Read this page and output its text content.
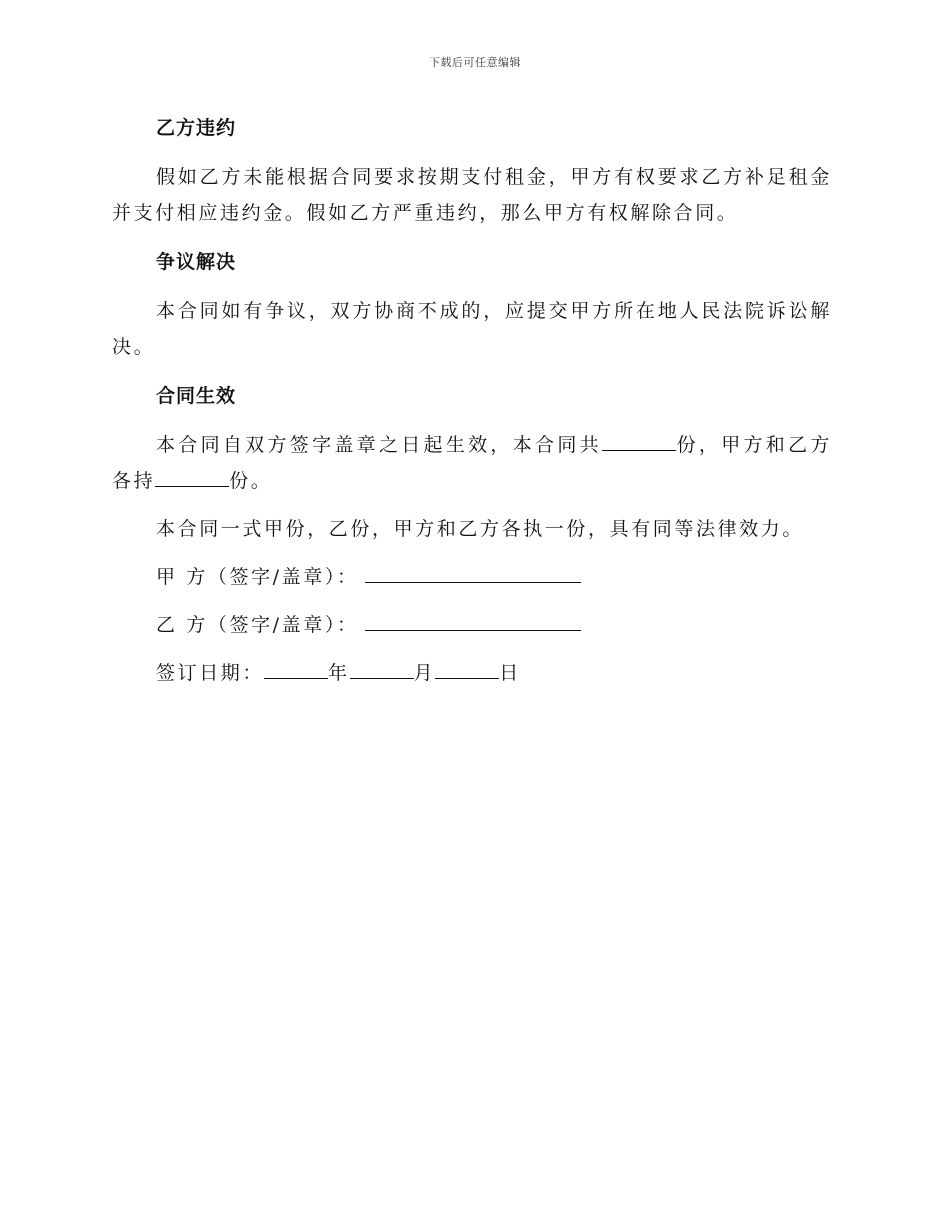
下载后可任意编辑
乙方违约

假如乙方未能根据合同要求按期支付租金，甲方有权要求乙方补足租金并支付相应违约金。假如乙方严重违约，那么甲方有权解除合同。

争议解决

本合同如有争议，双方协商不成的，应提交甲方所在地人民法院诉讼解决。

合同生效

本合同自双方签字盖章之日起生效，本合同共	份，甲方和乙方各持	份。

本合同一式甲份，乙份，甲方和乙方各执一份，具有同等法律效力。

甲 方（签字/盖章）：

乙 方（签字/盖章）：

签订日期：	年	月	日
